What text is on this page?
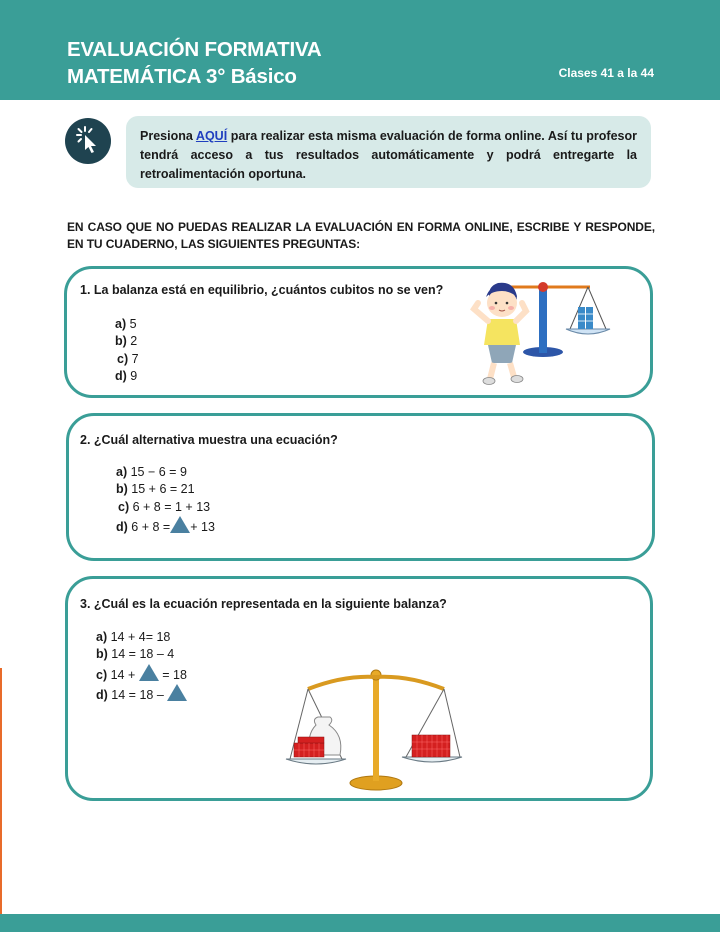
EVALUACIÓN FORMATIVA
MATEMÁTICA 3° Básico	Clases 41 a la 44
Presiona AQUÍ para realizar esta misma evaluación de forma online. Así tu profesor tendrá acceso a tus resultados automáticamente y podrá entregarte la retroalimentación oportuna.
EN CASO QUE NO PUEDAS REALIZAR LA EVALUACIÓN EN FORMA ONLINE, ESCRIBE Y RESPONDE, EN TU CUADERNO, LAS SIGUIENTES PREGUNTAS:
1. La balanza está en equilibrio, ¿cuántos cubitos no se ven?
a) 5
b) 2
c) 7
d) 9
2. ¿Cuál alternativa muestra una ecuación?
a) 15 − 6 = 9
b) 15 + 6 = 21
c) 6 + 8 = 1 + 13
d) 6 + 8 = + 13
3. ¿Cuál es la ecuación representada en la siguiente balanza?
a) 14 + 4= 18
b) 14 = 18 – 4
c) 14 + = 18
d) 14 = 18 –
